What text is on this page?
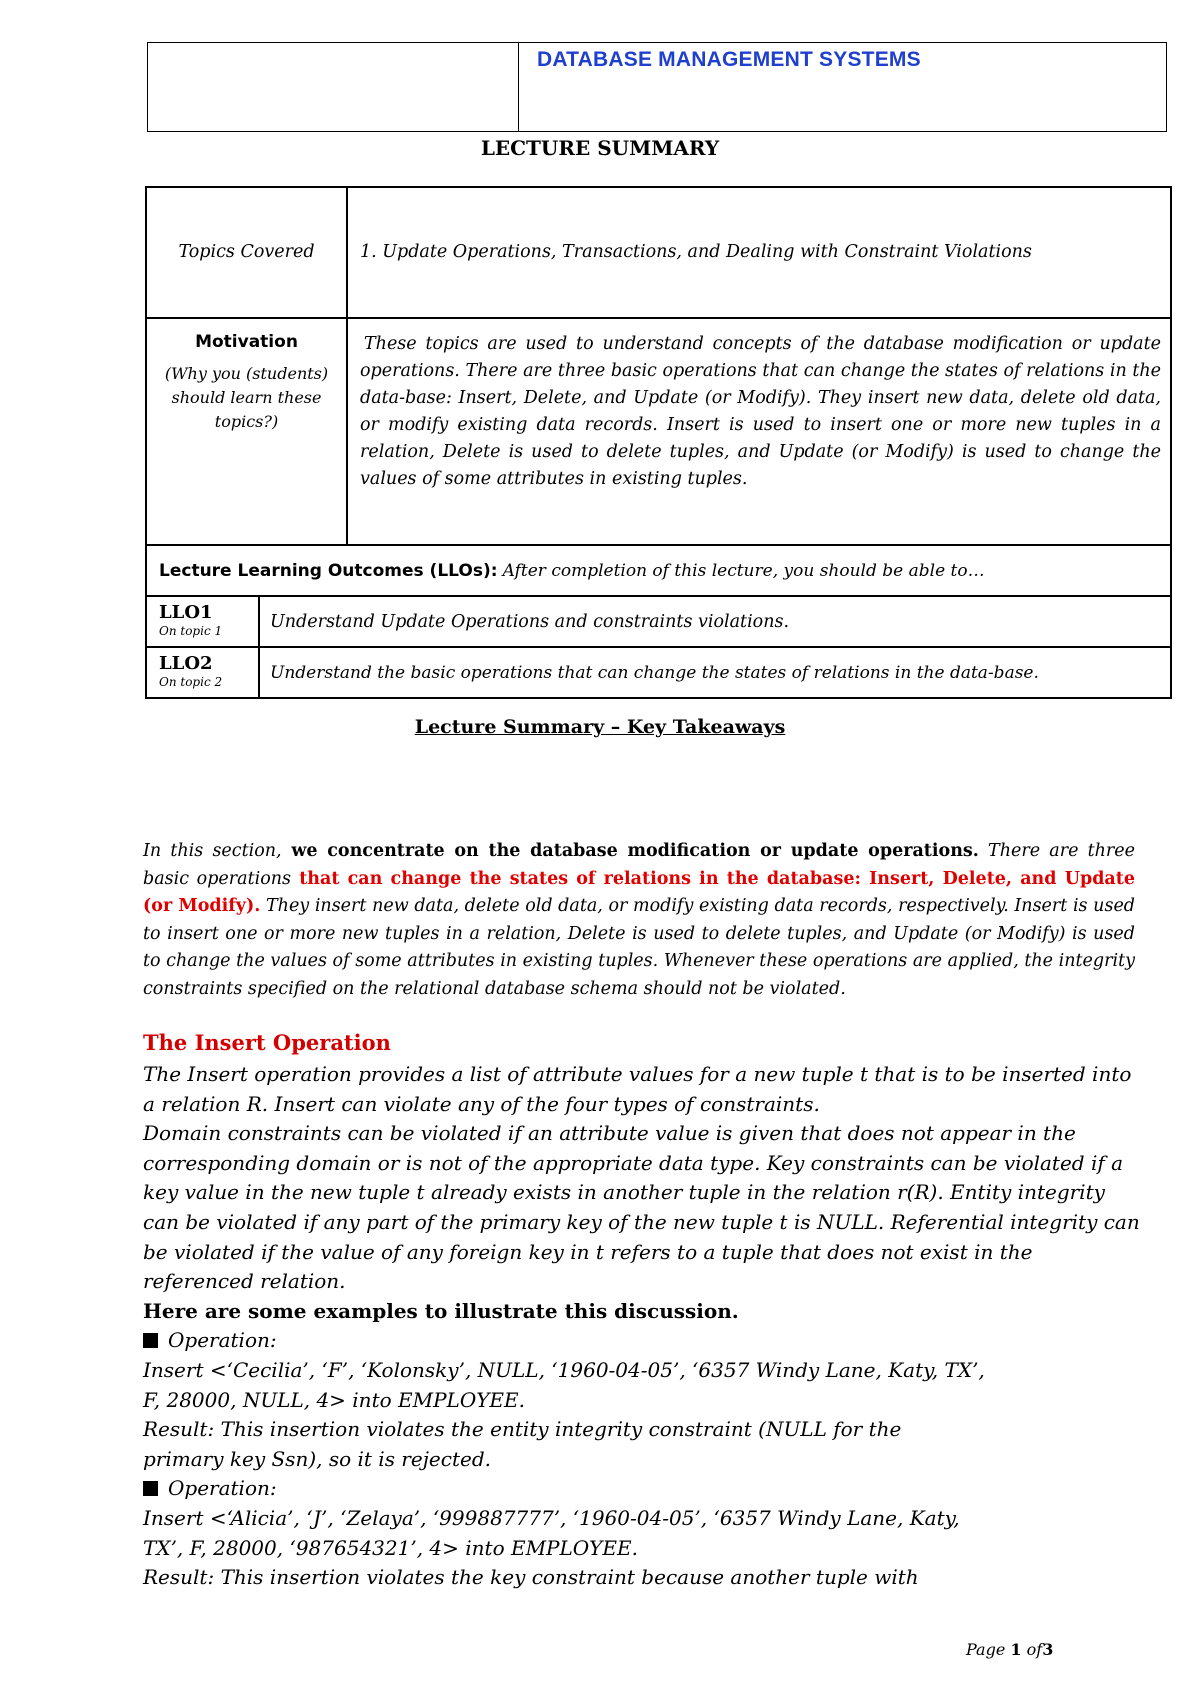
DATABASE MANAGEMENT SYSTEMS
LECTURE SUMMARY
Topics Covered		1. Update Operations, Transactions, and Dealing with Constraint Violations

Motivation
(Why you (students) should learn these topics?)		These topics are used to understand concepts of the database modification or update operations. There are three basic operations that can change the states of relations in the data-base: Insert, Delete, and Update (or Modify). They insert new data, delete old data, or modify existing data records. Insert is used to insert one or more new tuples in a relation, Delete is used to delete tuples, and Update (or Modify) is used to change the values of some attributes in existing tuples.

Lecture Learning Outcomes (LLOs): After completion of this lecture, you should be able to…		

LLO1
On topic 1	Understand Update Operations and constraints violations.	

LLO2
On topic 2	Understand the basic operations that can change the states of relations in the data-base.	
Lecture Summary – Key Takeaways
In this section, we concentrate on the database modification or update operations. There are three basic operations that can change the states of relations in the database: Insert, Delete, and Update (or Modify). They insert new data, delete old data, or modify existing data records, respectively. Insert is used to insert one or more new tuples in a relation, Delete is used to delete tuples, and Update (or Modify) is used to change the values of some attributes in existing tuples. Whenever these operations are applied, the integrity constraints specified on the relational database schema should not be violated.
The Insert Operation

The Insert operation provides a list of attribute values for a new tuple t that is to be inserted into a relation R. Insert can violate any of the four types of constraints.

Domain constraints can be violated if an attribute value is given that does not appear in the corresponding domain or is not of the appropriate data type. Key constraints can be violated if a key value in the new tuple t already exists in another tuple in the relation r(R). Entity integrity can be violated if any part of the primary key of the new tuple t is NULL. Referential integrity can be violated if the value of any foreign key in t refers to a tuple that does not exist in the referenced relation.

Here are some examples to illustrate this discussion.

Operation:

Insert <‘Cecilia’, ‘F’, ‘Kolonsky’, NULL, ‘1960-04-05’, ‘6357 Windy Lane, Katy, TX’,

F, 28000, NULL, 4> into EMPLOYEE.

Result: This insertion violates the entity integrity constraint (NULL for the

primary key Ssn), so it is rejected.

Operation:

Insert <‘Alicia’, ‘J’, ‘Zelaya’, ‘999887777’, ‘1960-04-05’, ‘6357 Windy Lane, Katy,

TX’, F, 28000, ‘987654321’, 4> into EMPLOYEE.

Result: This insertion violates the key constraint because another tuple with

Page 1 of3
